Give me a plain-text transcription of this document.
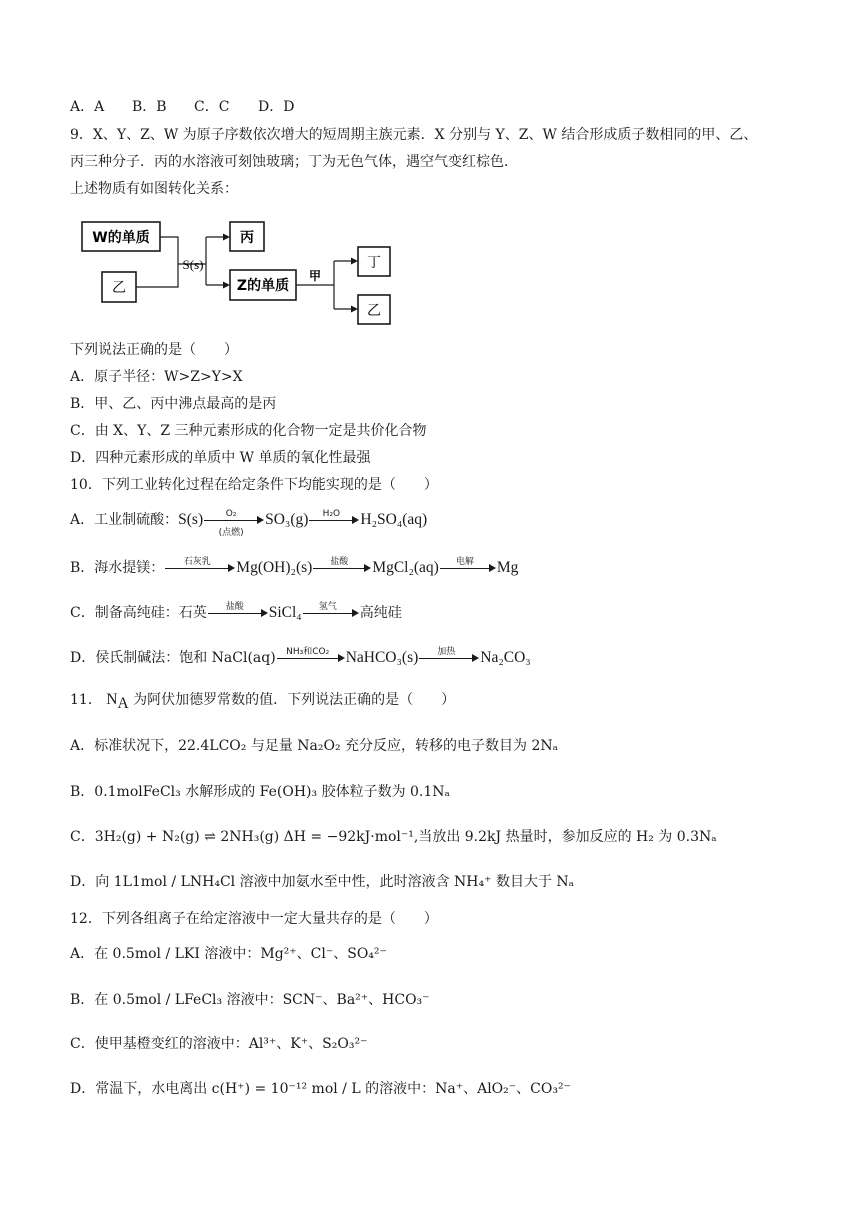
A．A B．B C．C D．D
9．X、Y、Z、W 为原子序数依次增大的短周期主族元素．X 分别与 Y、Z、W 结合形成质子数相同的甲、乙、
丙三种分子．丙的水溶液可刻蚀玻璃；丁为无色气体，遇空气变红棕色．
上述物质有如图转化关系：
W的单质
乙
S(s)
丙
Z的单质
甲
丁
乙
下列说法正确的是（　　）
A．原子半径：W>Z>Y>X
B．甲、乙、丙中沸点最高的是丙
C．由 X、Y、Z 三种元素形成的化合物一定是共价化合物
D．四种元素形成的单质中 W 单质的氧化性最强
10．下列工业转化过程在给定条件下均能实现的是（　　）
A．工业制硫酸：S(s)	O₂
(点燃)
SO₃(g)	H₂O	H₂SO₄(aq)
B．海水提镁：	石灰乳	Mg(OH)₂(s)	盐酸	MgCl₂(aq)	电解	Mg
C．制备高纯硅：石英	盐酸	SiCl₄	氢气	高纯硅
D．侯氏制碱法：饱和 NaCl(aq)	NH₃和CO₂	NaHCO₃(s)	加热	Na₂CO₃
11． $N_A$ 为阿伏加德罗常数的值．下列说法正确的是（　　）
A．标准状况下，22.4LCO₂ 与足量 Na₂O₂ 充分反应，转移的电子数目为 2Nₐ
B．0.1molFeCl₃ 水解形成的 Fe(OH)₃ 胶体粒子数为 0.1Nₐ
C．3H₂(g) + N₂(g) ⇌ 2NH₃(g) ΔH = −92kJ·mol⁻¹,当放出 9.2kJ 热量时，参加反应的 H₂ 为 0.3Nₐ
D．向 1L1mol / LNH₄Cl 溶液中加氨水至中性，此时溶液含 NH₄⁺ 数目大于 Nₐ
12．下列各组离子在给定溶液中一定大量共存的是（　　）
A．在 0.5mol / LKI 溶液中：Mg²⁺、Cl⁻、SO₄²⁻
B．在 0.5mol / LFeCl₃ 溶液中：SCN⁻、Ba²⁺、HCO₃⁻
C．使甲基橙变红的溶液中：Al³⁺、K⁺、S₂O₃²⁻
D．常温下，水电离出 c(H⁺) = 10⁻¹² mol / L 的溶液中：Na⁺、AlO₂⁻、CO₃²⁻
